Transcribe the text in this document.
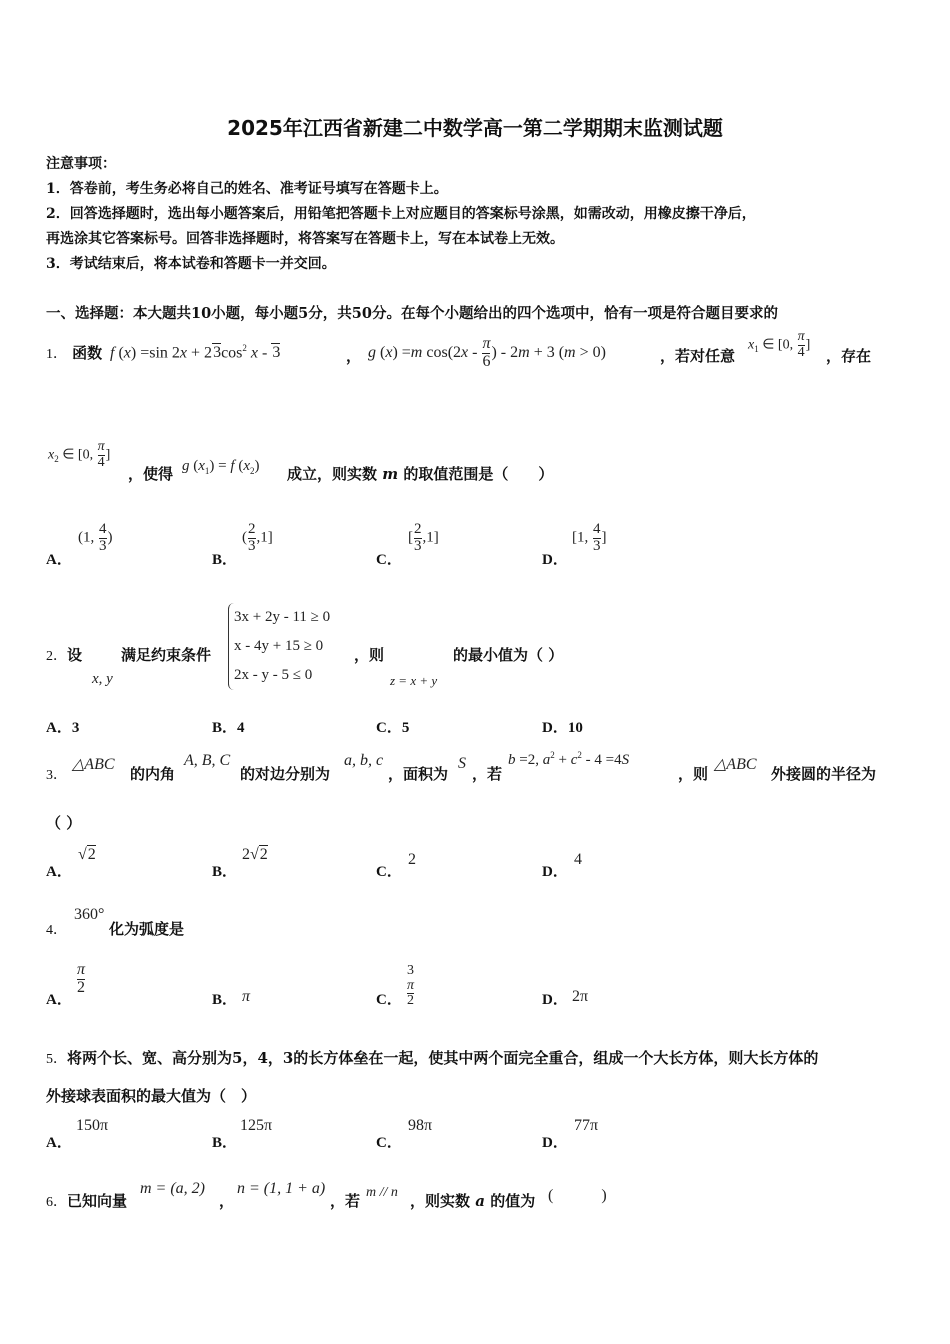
2025年江西省新建二中数学高一第二学期期末监测试题
注意事项：
1．答卷前，考生务必将自己的姓名、准考证号填写在答题卡上。
2．回答选择题时，选出每小题答案后，用铅笔把答题卡上对应题目的答案标号涂黑，如需改动，用橡皮擦干净后，
再选涂其它答案标号。回答非选择题时，将答案写在答题卡上，写在本试卷上无效。
3．考试结束后，将本试卷和答题卡一并交回。
一、选择题：本大题共10小题，每小题5分，共50分。在每个小题给出的四个选项中，恰有一项是符合题目要求的
1． 函数 f (x) =sin $2x + 23\cos^2$ x - 3	， g (x) =m cos(2x -
π
6) - 2m + 3 (m > 0)	，若对任意
$x_1$ ∈ [0,
π
4]
，存在
$x_2$ ∈ [0,
π
4]
，使得 g $(x_1) = f$ $(x_2)$ 成立，则实数 m 的取值范围是（　　）
A．
(1, 4
3)
B．
(2
3,1]
C．
[2
3,1]
D．
[1, 4
3]
2．设
x, y
满足约束条件
3x + 2y - 11 ≥ 0
x - 4y + 15 ≥ 0
2x - y - 5 ≤ 0
，则
z = x + y
的最小值为（ ）
A．3	B．4	C．5	D．10
3．
△ABC
的内角
A, B, C
的对边分别为
a, b, c
，面积为
S
，若
b =2, $a^2 + c^2 - 4 =4S$
，则
△ABC
外接圆的半径为
（ ）
A．
√2
B．
2√2
C．
2
D．
4
4．
360°
化为弧度是
A．
π
2
B． π	C．
3
π
2	D． 2π
5．将两个长、宽、高分别为5，4，3的长方体垒在一起，使其中两个面完全重合，组成一个大长方体，则大长方体的
外接球表面积的最大值为（　）
A．
150π
B．
125π
C．
98π
D．
77π
6．已知向量
m = (a, 2)
，
n = (1, 1 + a)
，若 m // n ，则实数 a 的值为 (　　　)
